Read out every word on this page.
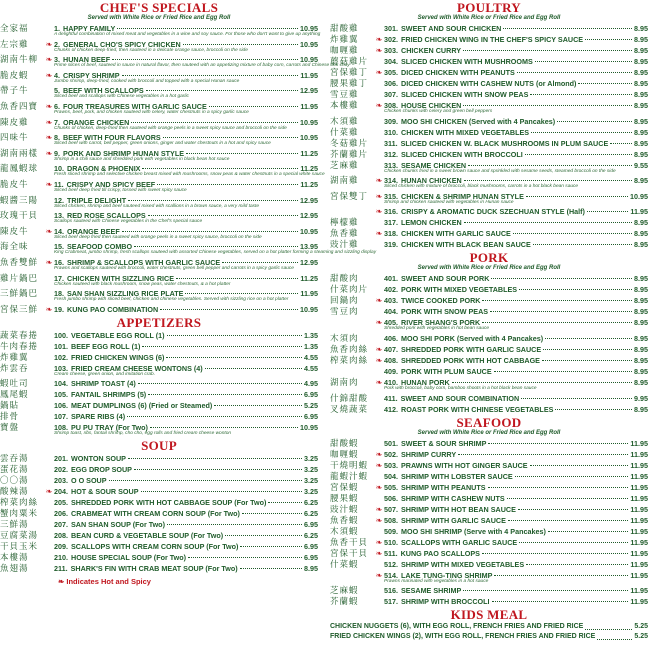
CHEF'S SPECIALS
Served with White Rice or Fried Rice and Egg Roll
全家福	1. HAPPY FAMILY	10.95
A delightful combination of mixed meat and vegetables in a wine and soy sauce. For those who don't want to give up anything
左宗雞	❧ 2. GENERAL CHO'S SPICY CHICKEN	10.95
Chunks of chicken deep-fried, then sauteed in a delicate orange sauce, broccoli on the side
湖南牛柳 ❧ 3. HUNAN BEEF	10.95
Prime slices of beef, sauteed in sauce in natural flavor, then sauteed with an appetizing mixture of baby corn, carrots and Chinese bok choy
脆皮蝦	❧ 4. CRISPY SHRIMP	11.95
Jumbo shrimp, deep-fried, cooked with broccoli and topped with a special Hunan sauce
帶子牛	5. BEEF WITH SCALLOPS	12.95
Sliced beef and scallops with Chinese vegetables in a hot garlic
魚香四寶 ❧ 6. FOUR TREASURES WITH GARLIC SAUCE	11.95
Prawns, beef, pork, and chicken sauteed with celery, water chestnuts in a spicy garlic sauce
陳皮雞	❧ 7. ORANGE CHICKEN	10.95
Chunks of chicken, deep-fried then sauteed with orange peels in a sweet spicy sauce and broccoli on the side
四味牛	❧ 8. BEEF WITH FOUR FLAVORS	10.95
Sliced beef with carrot, bell pepper, green onions, ginger and water chestnuts in a hot and spicy sauce
湖南兩樣 ❧ 9. PORK AND SHRIMP HUNAN STYLE	11.25
Shrimp in a chili sauce and shredded pork with vegetables in black bean hot sauce
龍鳳蝦球	10. DRAGON & PHOENIX	11.25
Fresh sliced shrimp and selective chicken breast mixed with mushrooms, snow peas & water chestnuts in a special white sauce
脆皮牛	❧ 11. CRISPY AND SPICY BEEF	11.25
Sliced beef deep fried till crispy, tossed with sweet spicy sauce
蝦醬三陽	12. TRIPLE DELIGHT	12.95
Sliced chicken, shrimp and beef sauteed mixed with scallions in a brown sauce, a very mild taste
玫瑰干貝	13. RED ROSE SCALLOPS	12.95
Scallops sauteed with Chinese vegetables in the Chef's special sauce
陳皮牛	❧ 14. ORANGE BEEF	10.95
Sliced beef deep fried then sauteed with orange peels in a sweet spicy sauce, broccoli on the side
海全味	15. SEAFOOD COMBO	13.95
King Crabmeat, jumbo shrimp, fresh scallops sauteed with assorted Chinese vegetables, served on a hot platter forming a steaming and sizzling display
魚香雙鮮 ❧ 16. SHRIMP & SCALLOPS WITH GARLIC SAUCE	12.95
Prawns and scallops sauteed with broccoli, water chestnuts, green bell pepper and carrots in a spicy garlic sauce
雞片鍋巴	17. CHICKEN WITH SIZZLING RICE	11.25
Chicken sauteed with black mushroom, snow peas, water chestnuts, & a hot platter
三鮮鍋巴	18. SAN SHAN SIZZLING RICE PLATE	11.95
Fresh jumbo shrimp with sliced beef, chicken and chinese vegetables. Served with sizzling rice on a hot platter
宮保三鮮 ❧ 19. KUNG PAO COMBINATION	10.95
APPETIZERS
蔬菜春捲	100. VEGETABLE EGG ROLL (1)	1.35
牛肉春捲	101. BEEF EGG ROLL (1)	1.35
炸雞翼	102. FRIED CHICKEN WINGS (6)	4.55
炸雲吞	103. FRIED CREAM CHEESE WONTONS (4)	4.55
Cream cheese, green onion, and imitation crab.
蝦吐司	104. SHRIMP TOAST (4)	4.95
鳳尾蝦	105. FANTAIL SHRIMPS (5)	6.95
鍋貼	106. MEAT DUMPLINGS (6) (Fried or Steamed)	5.25
排骨	107. SPARE RIBS (4)	6.95
寶盤	108. PU PU TRAY (For Two)	10.95
Shrimp toast, ribs, fantail shrimp, cho cho, egg rolls and fried cream cheese wonton
SOUP
雲吞湯	201. WONTON SOUP	3.25
蛋花湯	202. EGG DROP SOUP	3.25
〇〇湯	203. O O SOUP	3.25
酸辣湯	❧ 204. HOT & SOUR SOUP	3.25
榨菜肉絲	205. SHREDDED PORK WITH HOT CABBAGE SOUP (For Two)	6.25
蟹肉粟米	206. CRABMEAT WITH CREAM CORN SOUP (For Two)	6.25
三鮮湯	207. SAN SHAN SOUP (For Two)	6.95
豆腐菜湯	208. BEAN CURD & VEGETABLE SOUP (For Two)	6.25
干貝玉米	209. SCALLOPS WITH CREAM CORN SOUP (For Two)	6.95
本樓湯	210. HOUSE SPECIAL SOUP (For Two)	6.95
魚翅湯	211. SHARK'S FIN WITH CRAB MEAT SOUP (For Two)	8.95
❧ Indicates Hot and Spicy
POULTRY
Served with White Rice or Fried Rice and Egg Roll
甜酸雞	301. SWEET AND SOUR CHICKEN	8.95
炸雞翼	❧ 302. FRIED CHICKEN WING IN THE CHEF'S SPICY SAUCE	8.95
咖喱雞	❧ 303. CHICKEN CURRY	8.95
蘑菇雞片	304. SLICED CHICKEN WITH MUSHROOMS	8.95
宮保雞丁 ❧ 305. DICED CHICKEN WITH PEANUTS	8.95
腰果雞丁	306. DICED CHICKEN WITH CASHEW NUTS (or Almond)	8.95
雪豆雞	307. SLICED CHICKEN WITH SNOW PEAS	8.95
本樓雞	❧ 308. HOUSE CHICKEN	8.95
Chicken chunks with celery and green bell peppers
木須雞	309. MOO SHI CHICKEN (Served with 4 Pancakes)	8.95
什菜雞	310. CHICKEN WITH MIXED VEGETABLES	8.95
冬菇雞片	311. SLICED CHICKEN W. BLACK MUSHROOMS IN PLUM SAUCE	8.95
芥蘭雞片	312. SLICED CHICKEN WITH BROCCOLI	8.95
芝麻雞	313. SESAME CHICKEN	9.55
Chicken chunks fried in a sweet brown sauce and sprinkled with sesame seeds, steamed broccoli on the side
湖南雞	❧ 314. HUNAN CHICKEN	8.95
Sliced chicken with mixture of broccoli, black mushrooms, carrots in a hot black bean sauce
宮保雙丁 ❧ 315. CHICKEN & SHRIMP HUNAN STYLE	10.95
Shrimp and chicken sauteed with vegetables in Hunan sauce
❧ 316. CRISPY & AROMATIC DUCK SZECHUAN STYLE (Half)	11.95
檸檬雞	317. LEMON CHICKEN	8.95
魚香雞	❧ 318. CHICKEN WITH GARLIC SAUCE	8.95
豉汁雞	319. CHICKEN WITH BLACK BEAN SAUCE	8.95
PORK
Served with White Rice or Fried Rice and Egg Roll
甜酸肉	401. SWEET AND SOUR PORK	8.95
什菜肉片	402. PORK WITH MIXED VEGETABLES	8.95
回鍋肉	❧ 403. TWICE COOKED PORK	8.95
雪豆肉	404. PORK WITH SNOW PEAS	8.95
❧ 405. RIVER SHANG'S PORK	8.95
Shredded pork with vegetables in hot bean sauce
木須肉	406. MOO SHI PORK (Served with 4 Pancakes)	8.95
魚香肉絲 ❧ 407. SHREDDED PORK WITH GARLIC SAUCE	8.95
榨菜肉絲 ❧ 408. SHREDDED PORK WITH HOT CABBAGE	8.95
409. PORK WITH PLUM SAUCE	8.95
湖南肉	❧ 410. HUNAN PORK	8.95
Pork with broccoli, baby corn, bamboo shoots in a hot black bean sauce
什錦甜酸	411. SWEET AND SOUR COMBINATION	9.95
叉燒蔬菜	412. ROAST PORK WITH CHINESE VEGETABLES	8.95
SEAFOOD
Served with White Rice or Fried Rice and Egg Roll
甜酸蝦	501. SWEET & SOUR SHRIMP	11.95
咖喱蝦	❧ 502. SHRIMP CURRY	11.95
干燒明蝦 ❧ 503. PRAWNS WITH HOT GINGER SAUCE	11.95
龍蝦汁蝦	504. SHRIMP WITH LOBSTER SAUCE	11.95
宮保蝦	❧ 505. SHRIMP WITH PEANUTS	11.95
腰果蝦	506. SHRIMP WITH CASHEW NUTS	11.95
豉汁蝦	❧ 507. SHRIMP WITH HOT BEAN SAUCE	11.95
魚香蝦	❧ 508. SHRIMP WITH GARLIC SAUCE	11.95
木須蝦	509. MOO SHI SHRIMP (Serve with 4 Pancakes)	11.95
魚香干貝 ❧ 510. SCALLOPS WITH GARLIC SAUCE	11.95
宮保干貝 ❧ 511. KUNG PAO SCALLOPS	11.95
什菜蝦	512. SHRIMP WITH MIXED VEGETABLES	11.95
❧ 514. LAKE TUNG-TING SHRIMP	11.95
Prawns marinated with vegetables in a hot sauce
芝麻蝦	516. SESAME SHRIMP	11.95
芥蘭蝦	517. SHRIMP WITH BROCCOLI	11.95
KIDS MEAL
CHICKEN NUGGETS (6), WITH EGG ROLL, FRENCH FRIES AND FRIED RICE	5.25
FRIED CHICKEN WINGS (2), WITH EGG ROLL, FRENCH FRIES AND FRIED RICE	5.25
